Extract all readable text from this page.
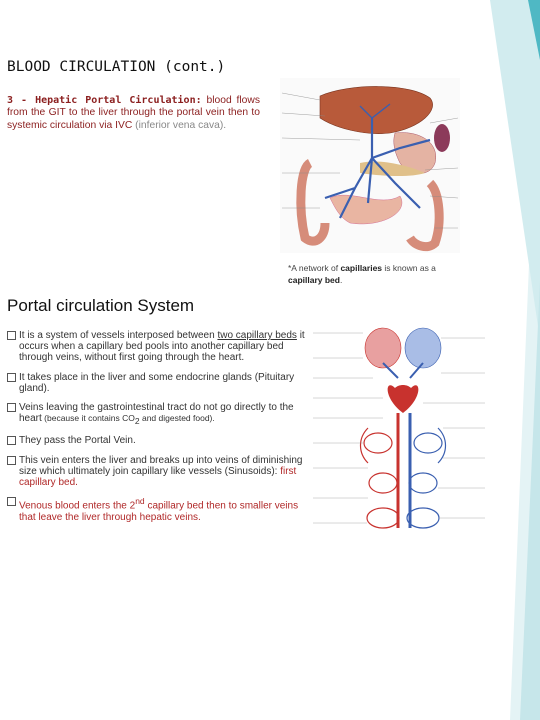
BLOOD CIRCULATION (cont.)
3 - Hepatic Portal Circulation: blood flows from the GIT to the liver through the portal vein then to systemic circulation via IVC (inferior vena cava).
*A network of capillaries is known as a capillary bed.
Portal circulation System
It is a system of vessels interposed between two capillary beds it occurs when a capillary bed pools into another capillary bed through veins, without first going through the heart.
It takes place in the liver and some endocrine glands (Pituitary gland).
Veins leaving the gastrointestinal tract do not go directly to the heart (because it contains $CO_2$ and digested food).
They pass the Portal Vein.
This vein enters the liver and breaks up into veins of diminishing size which ultimately join capillary like vessels (Sinusoids): first capillary bed.
Venous blood enters the 2nd capillary bed then to smaller veins that leave the liver through hepatic veins.
